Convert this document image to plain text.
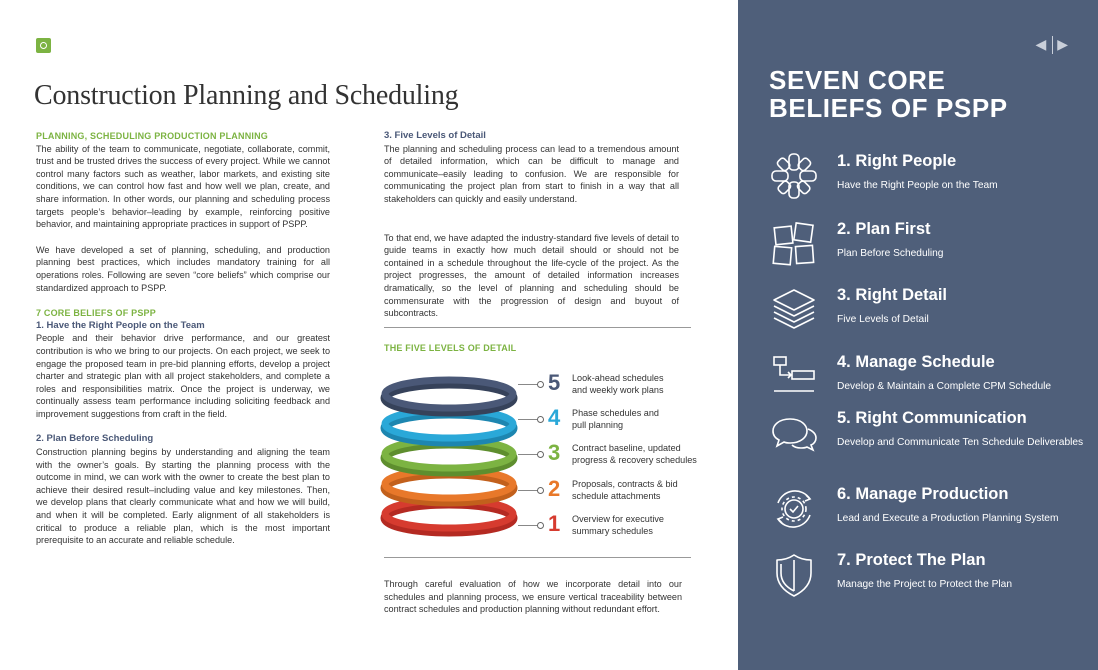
Construction Planning and Scheduling
PLANNING, SCHEDULING PRODUCTION PLANNING

The ability of the team to communicate, negotiate, collaborate, commit, trust and be trusted drives the success of every project. While we cannot control many factors such as weather, labor markets, and existing site conditions, we can control how fast and how well we plan, create, and share information. In other words, our planning and scheduling process targets people’s behavior–leading by example, reinforcing positive behavior, and maintaining appropriate practices in support of PSPP.

We have developed a set of planning, scheduling, and production planning best practices, which includes mandatory training for all operations roles. Following are seven “core beliefs” which comprise our standardized approach to PSPP.

7 CORE BELIEFS OF PSPP
1. Have the Right People on the Team

People and their behavior drive performance, and our greatest contribution is who we bring to our projects. On each project, we seek to engage the proposed team in pre-bid planning efforts, develop a project charter and strategic plan with all project stakeholders, and complete a roles and responsibilities matrix. Once the project is underway, we continually assess team performance including soliciting feedback and improvement suggestions from craft in the field.

2. Plan Before Scheduling

Construction planning begins by understanding and aligning the team with the owner’s goals. By starting the planning process with the outcome in mind, we can work with the owner to create the best plan to achieve their desired result–including value and key milestones. Then, we develop plans that clearly communicate what and how we will build, and when it will be completed. Early alignment of all stakeholders is critical to produce a reliable plan, which is the most important prerequisite to an accurate and reliable schedule.

3. Five Levels of Detail

The planning and scheduling process can lead to a tremendous amount of detailed information, which can be difficult to manage and communicate–easily leading to confusion. We are responsible for communicating the project plan from start to finish in a way that all stakeholders can quickly and easily understand.

To that end, we have adapted the industry-standard five levels of detail to guide teams in exactly how much detail should or should not be contained in a schedule throughout the life-cycle of the project. As the project progresses, the amount of detailed information increases dramatically, so the level of planning and scheduling should be commensurate with the progression of design and buyout of subcontracts.

THE FIVE LEVELS OF DETAIL
5 Look-ahead schedules
and weekly work plans
4 Phase schedules and
pull planning
3 Contract baseline, updated
progress & recovery schedules
2 Proposals, contracts & bid
schedule attachments
1 Overview for executive
summary schedules

Through careful evaluation of how we incorporate detail into our schedules and planning process, we ensure vertical traceability between contract schedules and production planning without redundant effort.

◀ ▶
SEVEN CORE
BELIEFS OF PSPP
1. Right People
Have the Right People on the Team
2. Plan First
Plan Before Scheduling
3. Right Detail
Five Levels of Detail
4. Manage Schedule
Develop & Maintain a Complete CPM Schedule
5. Right Communication
Develop and Communicate Ten Schedule Deliverables
6. Manage Production
Lead and Execute a Production Planning System
7. Protect The Plan
Manage the Project to Protect the Plan
